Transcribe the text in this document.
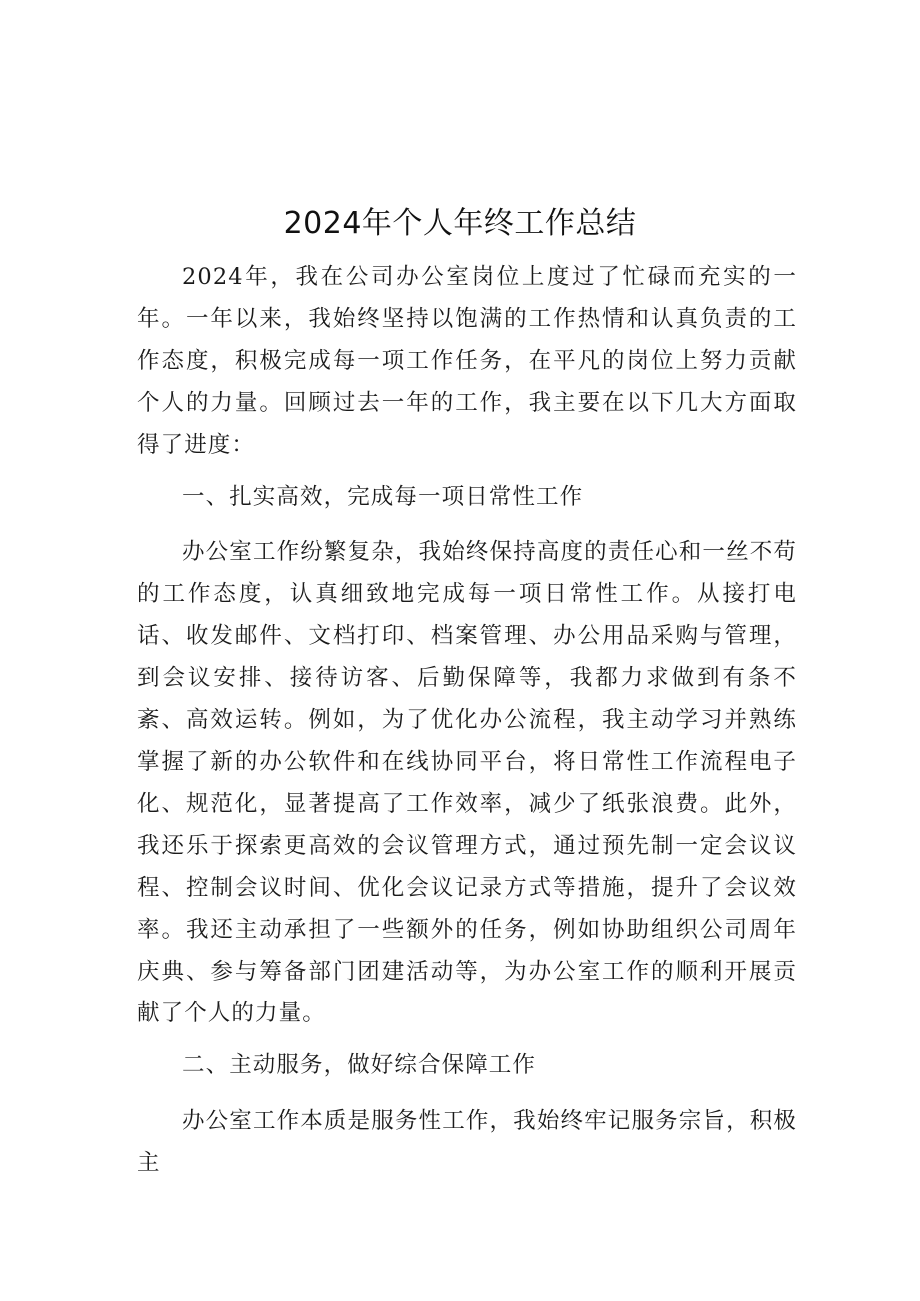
2024年个人年终工作总结

2024年，我在公司办公室岗位上度过了忙碌而充实的一年。一年以来，我始终坚持以饱满的工作热情和认真负责的工作态度，积极完成每一项工作任务，在平凡的岗位上努力贡献个人的力量。回顾过去一年的工作，我主要在以下几大方面取得了进度：

一、扎实高效，完成每一项日常性工作

办公室工作纷繁复杂，我始终保持高度的责任心和一丝不苟的工作态度，认真细致地完成每一项日常性工作。从接打电话、收发邮件、文档打印、档案管理、办公用品采购与管理，到会议安排、接待访客、后勤保障等，我都力求做到有条不紊、高效运转。例如，为了优化办公流程，我主动学习并熟练掌握了新的办公软件和在线协同平台，将日常性工作流程电子化、规范化，显著提高了工作效率，减少了纸张浪费。此外，我还乐于探索更高效的会议管理方式，通过预先制一定会议议程、控制会议时间、优化会议记录方式等措施，提升了会议效率。我还主动承担了一些额外的任务，例如协助组织公司周年庆典、参与筹备部门团建活动等，为办公室工作的顺利开展贡献了个人的力量。

二、主动服务，做好综合保障工作

办公室工作本质是服务性工作，我始终牢记服务宗旨，积极主
